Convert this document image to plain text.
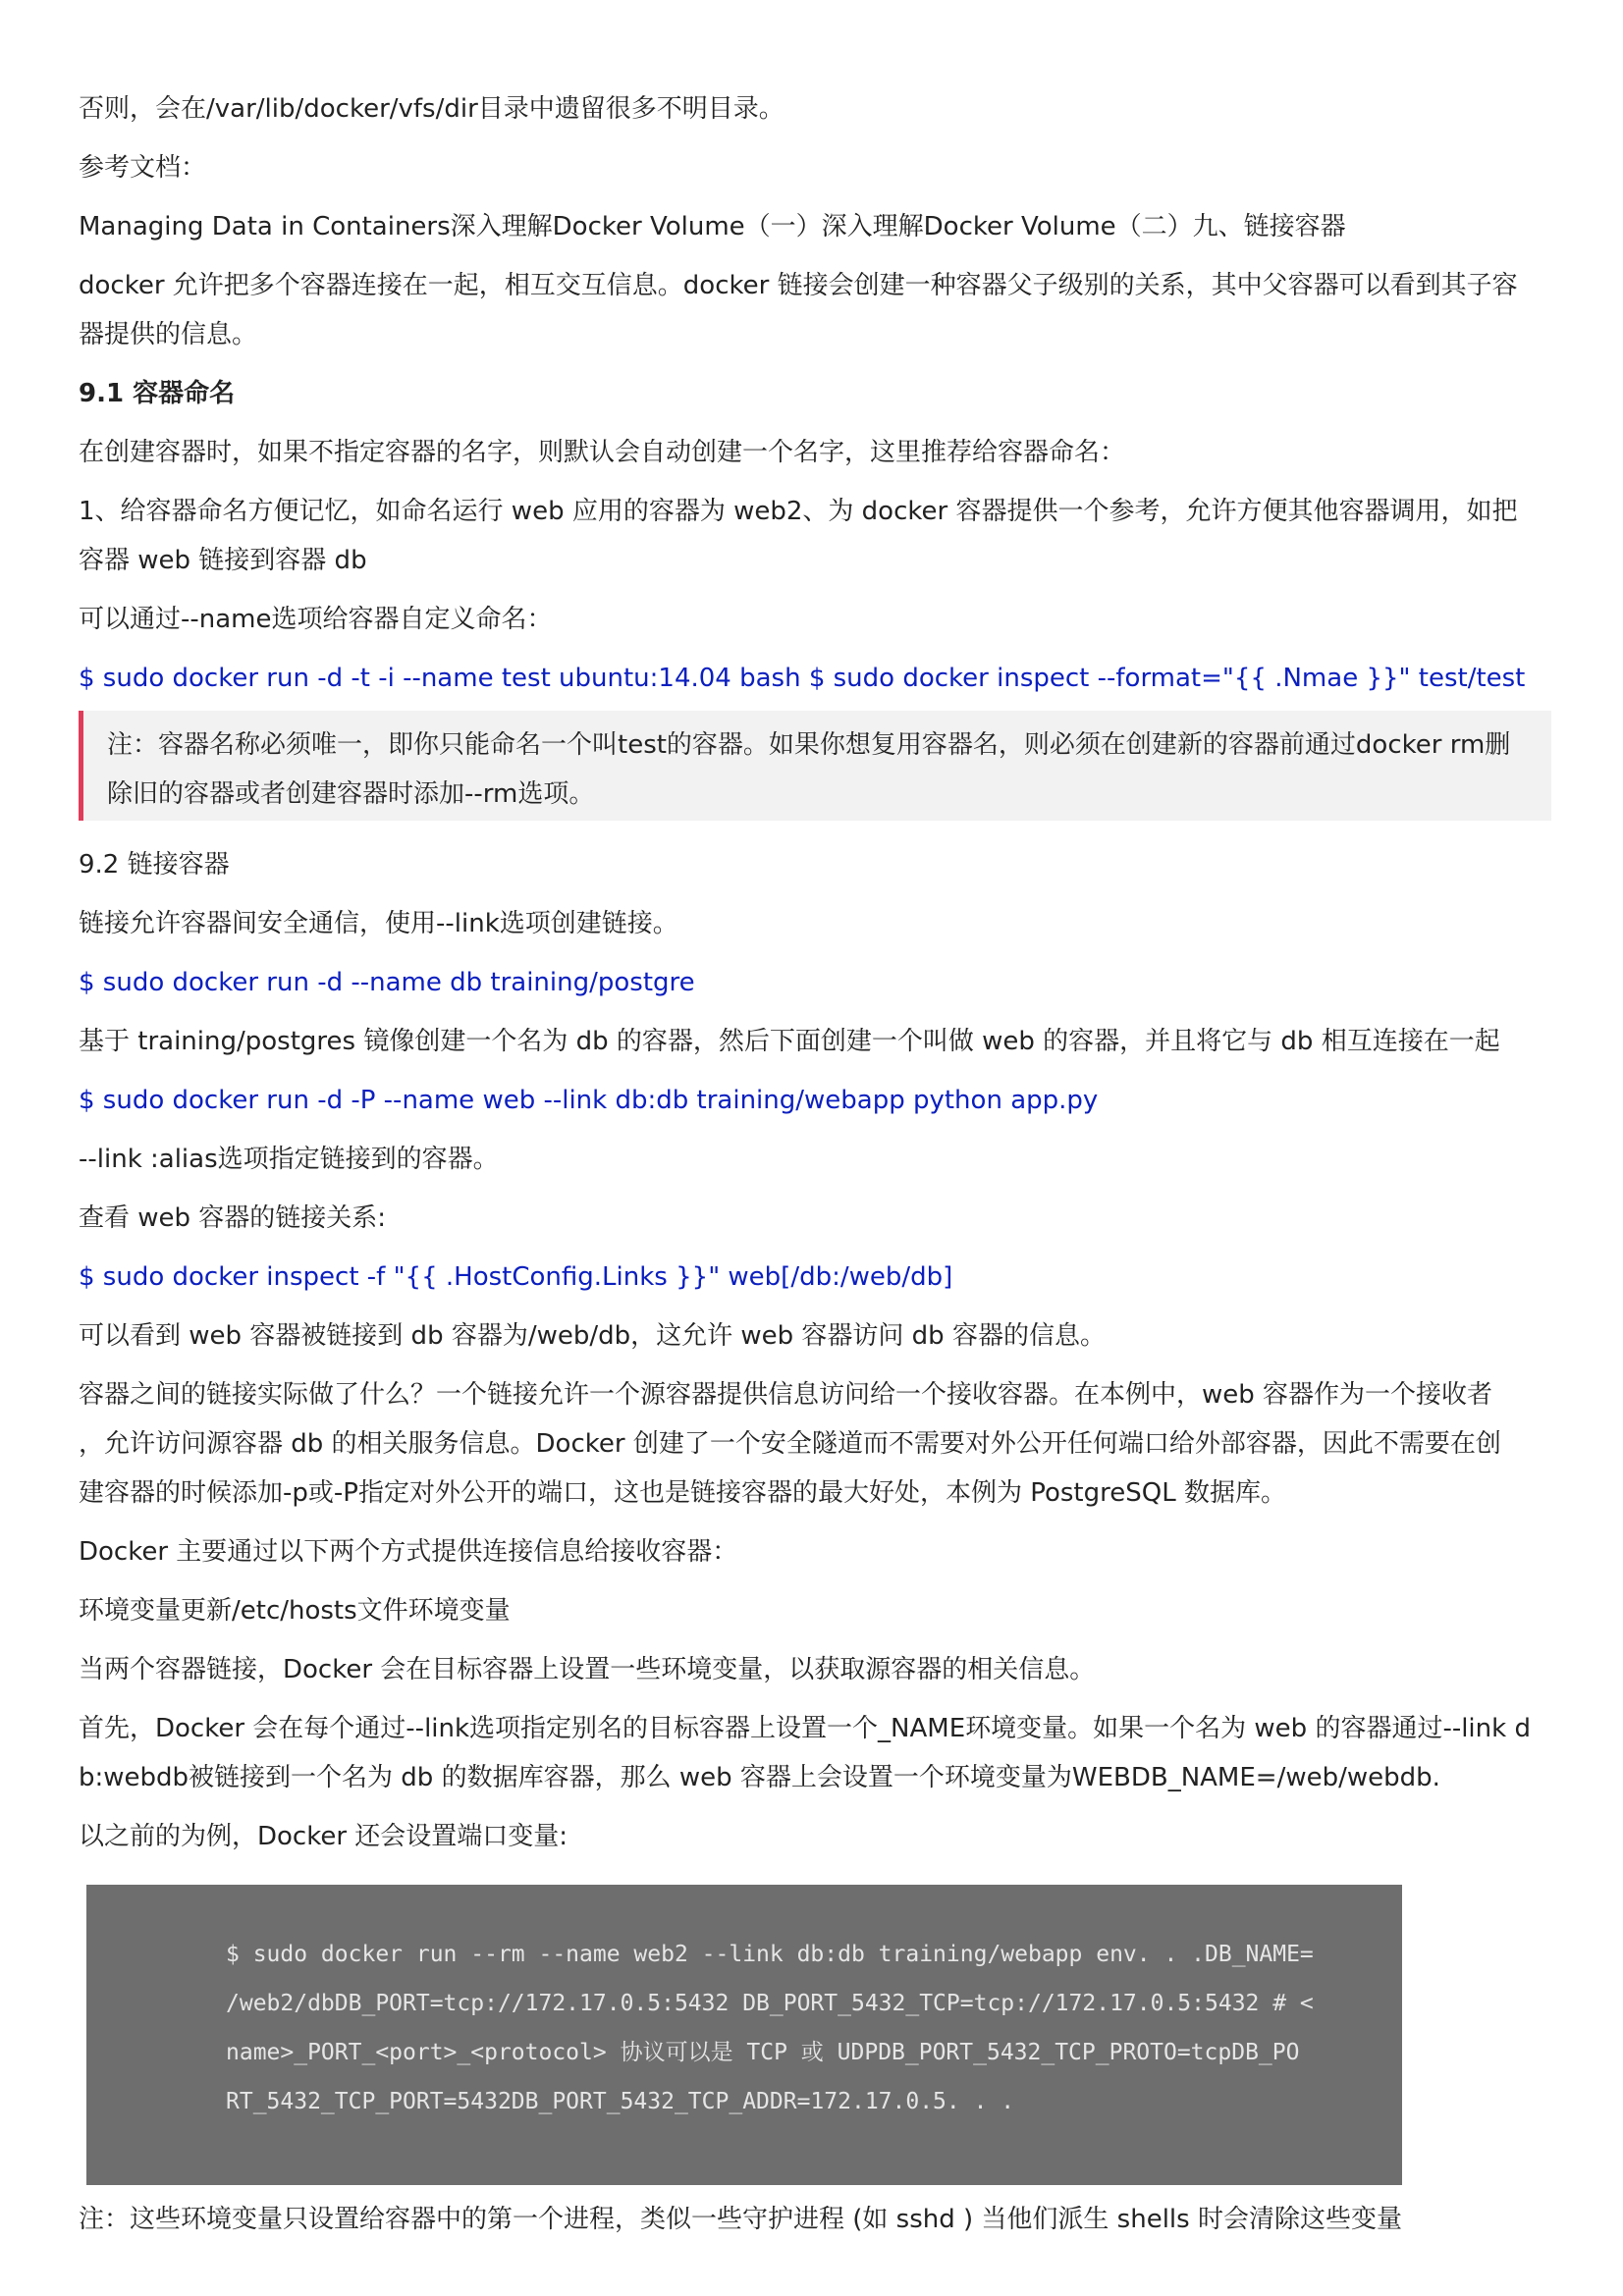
否则，会在/var/lib/docker/vfs/dir目录中遗留很多不明目录。

参考文档：

Managing Data in Containers深入理解Docker Volume（一）深入理解Docker Volume（二）九、链接容器

docker 允许把多个容器连接在一起，相互交互信息。docker 链接会创建一种容器父子级别的关系，其中父容器可以看到其子容

器提供的信息。

9.1 容器命名

在创建容器时，如果不指定容器的名字，则默认会自动创建一个名字，这里推荐给容器命名：

1、给容器命名方便记忆，如命名运行 web 应用的容器为 web2、为 docker 容器提供一个参考，允许方便其他容器调用，如把

容器 web 链接到容器 db

可以通过--name选项给容器自定义命名：

$ sudo docker run -d -t -i --name test ubuntu:14.04 bash $ sudo docker inspect --format="{{ .Nmae }}" test/test

注：容器名称必须唯一，即你只能命名一个叫test的容器。如果你想复用容器名，则必须在创建新的容器前通过docker rm删
除旧的容器或者创建容器时添加--rm选项。

9.2 链接容器

链接允许容器间安全通信，使用--link选项创建链接。

$ sudo docker run -d --name db training/postgre

基于 training/postgres 镜像创建一个名为 db 的容器，然后下面创建一个叫做 web 的容器，并且将它与 db 相互连接在一起

$ sudo docker run -d -P --name web --link db:db training/webapp python app.py

--link :alias选项指定链接到的容器。

查看 web 容器的链接关系:

$ sudo docker inspect -f "{{ .HostConfig.Links }}" web[/db:/web/db]

可以看到 web 容器被链接到 db 容器为/web/db，这允许 web 容器访问 db 容器的信息。

容器之间的链接实际做了什么？一个链接允许一个源容器提供信息访问给一个接收容器。在本例中，web 容器作为一个接收者

，允许访问源容器 db 的相关服务信息。Docker 创建了一个安全隧道而不需要对外公开任何端口给外部容器，因此不需要在创

建容器的时候添加-p或-P指定对外公开的端口，这也是链接容器的最大好处，本例为 PostgreSQL 数据库。

Docker 主要通过以下两个方式提供连接信息给接收容器：

环境变量更新/etc/hosts文件环境变量

当两个容器链接，Docker 会在目标容器上设置一些环境变量，以获取源容器的相关信息。

首先，Docker 会在每个通过--link选项指定别名的目标容器上设置一个_NAME环境变量。如果一个名为 web 的容器通过--link d

b:webdb被链接到一个名为 db 的数据库容器，那么 web 容器上会设置一个环境变量为WEBDB_NAME=/web/webdb.

以之前的为例，Docker 还会设置端口变量:

$ sudo docker run --rm --name web2 --link db:db training/webapp env. . .DB_NAME=
/web2/dbDB_PORT=tcp://172.17.0.5:5432 DB_PORT_5432_TCP=tcp://172.17.0.5:5432 # <
name>_PORT_<port>_<protocol> 协议可以是 TCP 或 UDPDB_PORT_5432_TCP_PROTO=tcpDB_PO
RT_5432_TCP_PORT=5432DB_PORT_5432_TCP_ADDR=172.17.0.5. . .

注：这些环境变量只设置给容器中的第一个进程，类似一些守护进程 (如 sshd ) 当他们派生 shells 时会清除这些变量
